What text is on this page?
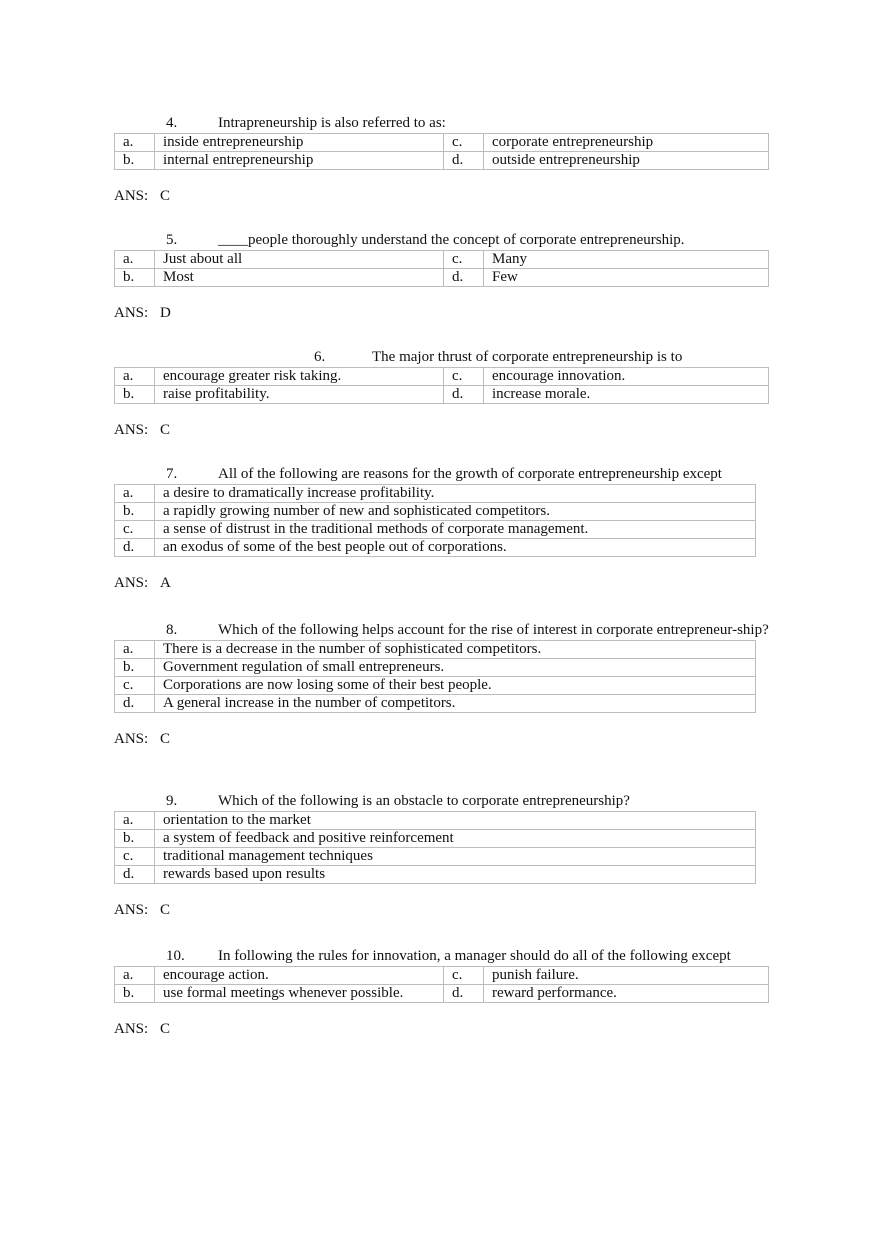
4.	Intrapreneurship is also referred to as:
a.	inside entrepreneurship	c.	corporate entrepreneurship
b.	internal entrepreneurship	d.	outside entrepreneurship
ANS: C
5.	____people thoroughly understand the concept of corporate entrepreneurship.
a.	Just about all	c.	Many
b.	Most	d.	Few
ANS: D
6.	The major thrust of corporate entrepreneurship is to
a.	encourage greater risk taking.	c.	encourage innovation.
b.	raise profitability.	d.	increase morale.
ANS: C
7.	All of the following are reasons for the growth of corporate entrepreneurship except
a.	a desire to dramatically increase profitability.
b.	a rapidly growing number of new and sophisticated competitors.
c.	a sense of distrust in the traditional methods of corporate management.
d.	an exodus of some of the best people out of corporations.
ANS: A
8.	Which of the following helps account for the rise of interest in corporate entrepreneur-ship?
a.	There is a decrease in the number of sophisticated competitors.
b.	Government regulation of small entrepreneurs.
c.	Corporations are now losing some of their best people.
d.	A general increase in the number of competitors.
ANS: C
9.	Which of the following is an obstacle to corporate entrepreneurship?
a.	orientation to the market
b.	a system of feedback and positive reinforcement
c.	traditional management techniques
d.	rewards based upon results
ANS: C
10. In following the rules for innovation, a manager should do all of the following except
a.	encourage action.	c.	punish failure.
b.	use formal meetings whenever possible.	d.	reward performance.
ANS: C
